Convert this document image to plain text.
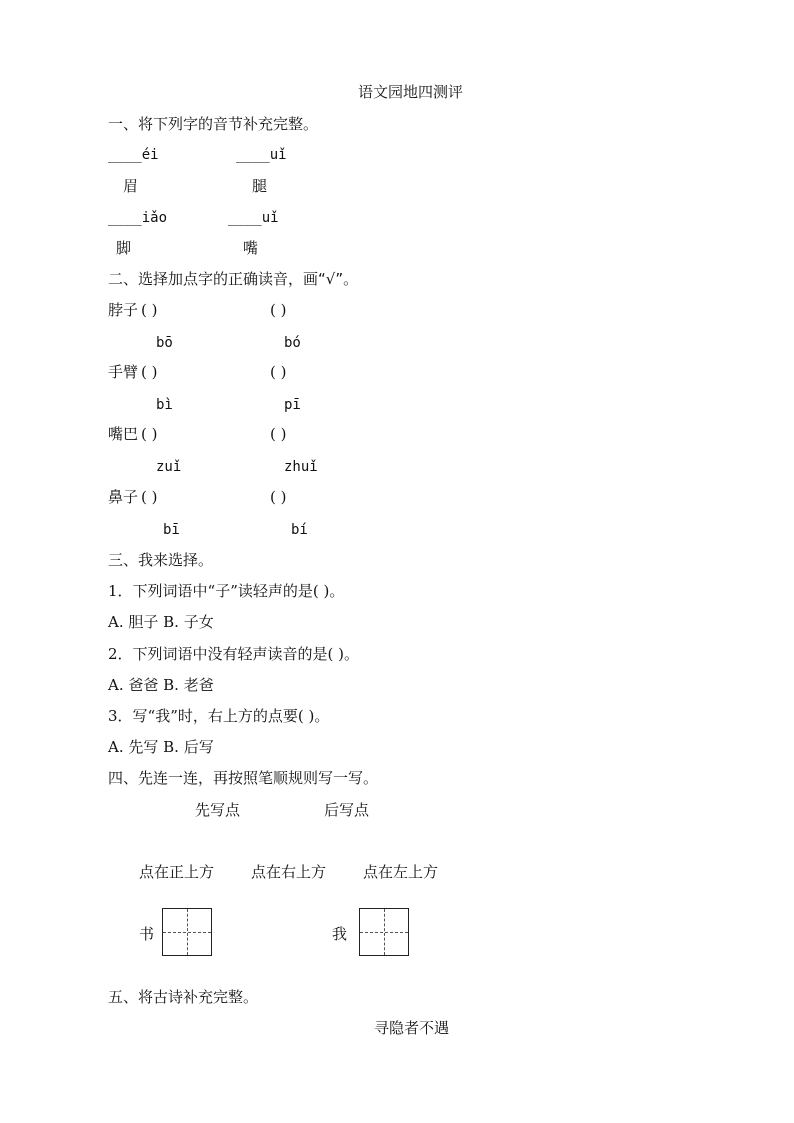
语文园地四测评
一、将下列字的音节补充完整。
____éi	____uǐ
眉	腿
____iǎo	____uǐ
脚	嘴
二、选择加点字的正确读音，画“√”。
脖子 ( )	( )
bō	bó
手臂 ( )	( )
bì	pī
嘴巴 ( )	( )
zuǐ	zhuǐ
鼻子 ( )	( )
bī	bí
三、我来选择。
1．下列词语中“子”读轻声的是( )。
A. 胆子 B. 子女
2．下列词语中没有轻声读音的是( )。
A. 爸爸 B. 老爸
3．写“我”时，右上方的点要( )。
A. 先写 B. 后写
四、先连一连，再按照笔顺规则写一写。
先写点	后写点
点在正上方 点在右上方 点在左上方
书	我
五、将古诗补充完整。
寻隐者不遇
